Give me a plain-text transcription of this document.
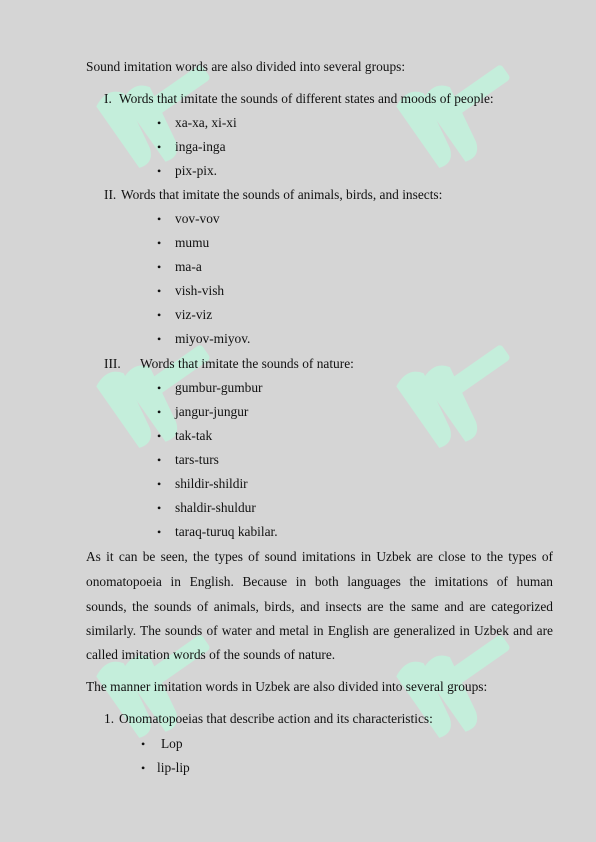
Sound imitation words are also divided into several groups:
I. Words that imitate the sounds of different states and moods of people:
• xa-xa, xi-xi
• inga-inga
• pix-pix.
II. Words that imitate the sounds of animals, birds, and insects:
• vov-vov
• mumu
• ma-a
• vish-vish
• viz-viz
• miyov-miyov.
III. Words that imitate the sounds of nature:
• gumbur-gumbur
• jangur-jungur
• tak-tak
• tars-turs
• shildir-shildir
• shaldir-shuldur
• taraq-turuq kabilar.
As it can be seen, the types of sound imitations in Uzbek are close to the types of
onomatopoeia in English. Because in both languages the imitations of human
sounds, the sounds of animals, birds, and insects are the same and are categorized
similarly. The sounds of water and metal in English are generalized in Uzbek and are
called imitation words of the sounds of nature.
The manner imitation words in Uzbek are also divided into several groups:
1. Onomatopoeias that describe action and its characteristics:
• Lop
• lip-lip
